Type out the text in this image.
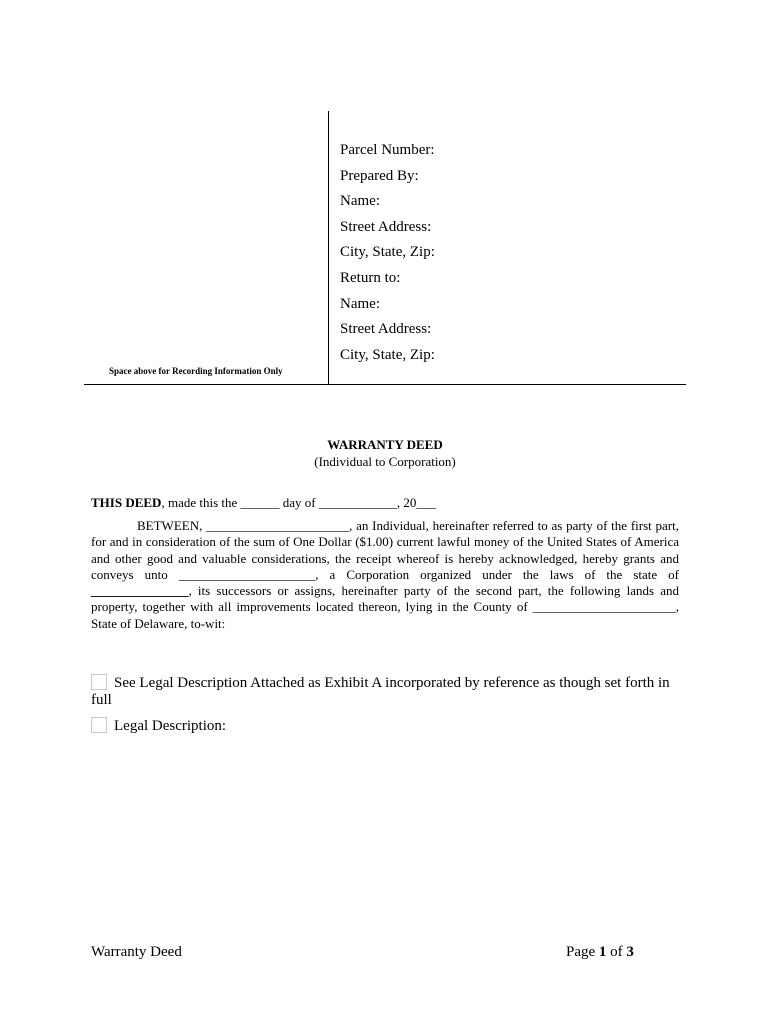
Parcel Number:
Prepared By:
Name:
Street Address:
City, State, Zip:
Return to:
Name:
Street Address:
City, State, Zip:
Space above for Recording Information Only
WARRANTY DEED
(Individual to Corporation)
THIS DEED, made this the ______ day of ____________, 20___
BETWEEN, ______________________, an Individual, hereinafter referred to as party of the first part, for and in consideration of the sum of One Dollar ($1.00) current lawful money of the United States of America and other good and valuable considerations, the receipt whereof is hereby acknowledged, hereby grants and conveys unto _____________________, a Corporation organized under the laws of the state of _______________, its successors or assigns, hereinafter party of the second part, the following lands and property, together with all improvements located thereon, lying in the County of ______________________, State of Delaware, to-wit:
See Legal Description Attached as Exhibit A incorporated by reference as though set forth in full
Legal Description:
Warranty Deed	Page 1 of 3
